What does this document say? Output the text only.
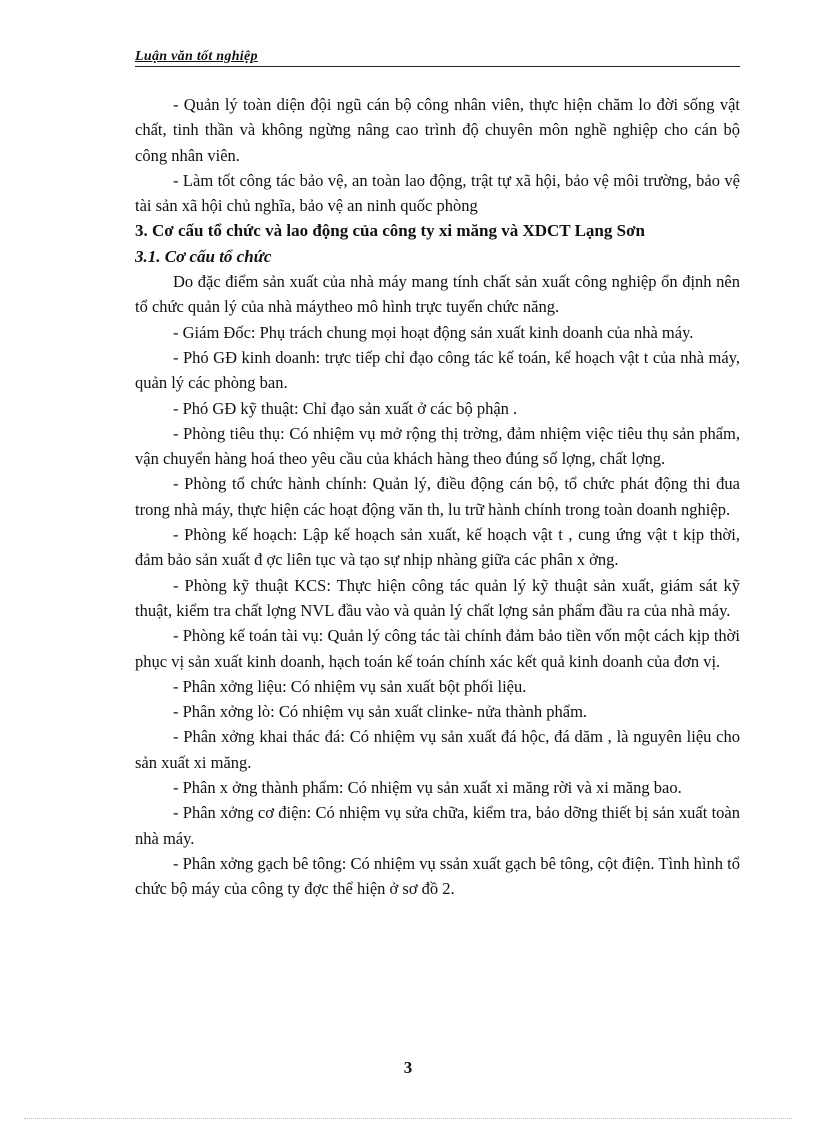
Luận văn tốt nghiệp

- Quản lý toàn diện đội ngũ cán bộ công nhân viên, thực hiện chăm lo đời sống vật chất, tinh thần và không ngừng nâng cao trình độ chuyên môn nghề nghiệp cho cán bộ công nhân viên.

- Làm tốt công tác bảo vệ, an toàn lao động, trật tự xã hội, bảo vệ môi trường, bảo vệ tài sản xã hội chủ nghĩa, bảo vệ an ninh quốc phòng

3. Cơ cấu tổ chức và lao động của công ty xi măng và XDCT Lạng Sơn

3.1. Cơ cấu tổ chức

Do đặc điểm sản xuất của nhà máy mang tính chất sản xuất công nghiệp ổn định nên tổ chức quản lý của nhà máytheo mô hình trực tuyến chức năng.

- Giám Đốc: Phụ trách chung mọi hoạt động sản xuất kinh doanh của nhà máy.

- Phó GĐ kinh doanh: trực tiếp chỉ đạo công tác kế toán, kế hoạch vật t của nhà máy, quản lý các phòng ban.

- Phó GĐ kỹ thuật: Chỉ đạo sản xuất ở các bộ phận .

- Phòng tiêu thụ: Có nhiệm vụ mở rộng thị trờng, đảm nhiệm việc tiêu thụ sản phẩm, vận chuyển hàng hoá theo yêu cầu của khách hàng theo đúng số lợng, chất lợng.

- Phòng tổ chức hành chính: Quản lý, điều động cán bộ, tổ chức phát động thi đua trong nhà máy, thực hiện các hoạt động văn th, lu trữ hành chính trong toàn doanh nghiệp.

- Phòng kế hoạch: Lập kế hoạch sản xuất, kế hoạch vật t , cung ứng vật t kịp thời, đảm bảo sản xuất đ ợc liên tục và tạo sự nhịp nhàng giữa các phân x ởng.

- Phòng kỹ thuật KCS: Thực hiện công tác quản lý kỹ thuật sản xuất, giám sát kỹ thuật, kiểm tra chất lợng NVL đầu vào và quản lý chất lợng sản phẩm đầu ra của nhà máy.

- Phòng kế toán tài vụ: Quản lý công tác tài chính đảm bảo tiền vốn một cách kịp thời phục vị sản xuất kinh doanh, hạch toán kế toán chính xác kết quả kinh doanh của đơn vị.

- Phân xởng liệu: Có nhiệm vụ sản xuất bột phối liệu.

- Phân xởng lò: Có nhiệm vụ sản xuất clinke- nửa thành phẩm.

- Phân xởng khai thác đá: Có nhiệm vụ sản xuất đá hộc, đá dăm , là nguyên liệu cho sản xuất xi măng.

- Phân x ởng thành phẩm: Có nhiệm vụ sản xuất xi măng rời và xi măng bao.

- Phân xởng cơ điện: Có nhiệm vụ sửa chữa, kiểm tra, bảo dỡng thiết bị sản xuất toàn nhà máy.

- Phân xởng gạch bê tông: Có nhiệm vụ ssản xuất gạch bê tông, cột điện. Tình hình tổ chức bộ máy của công ty đợc thể hiện ở sơ đồ 2.

3
